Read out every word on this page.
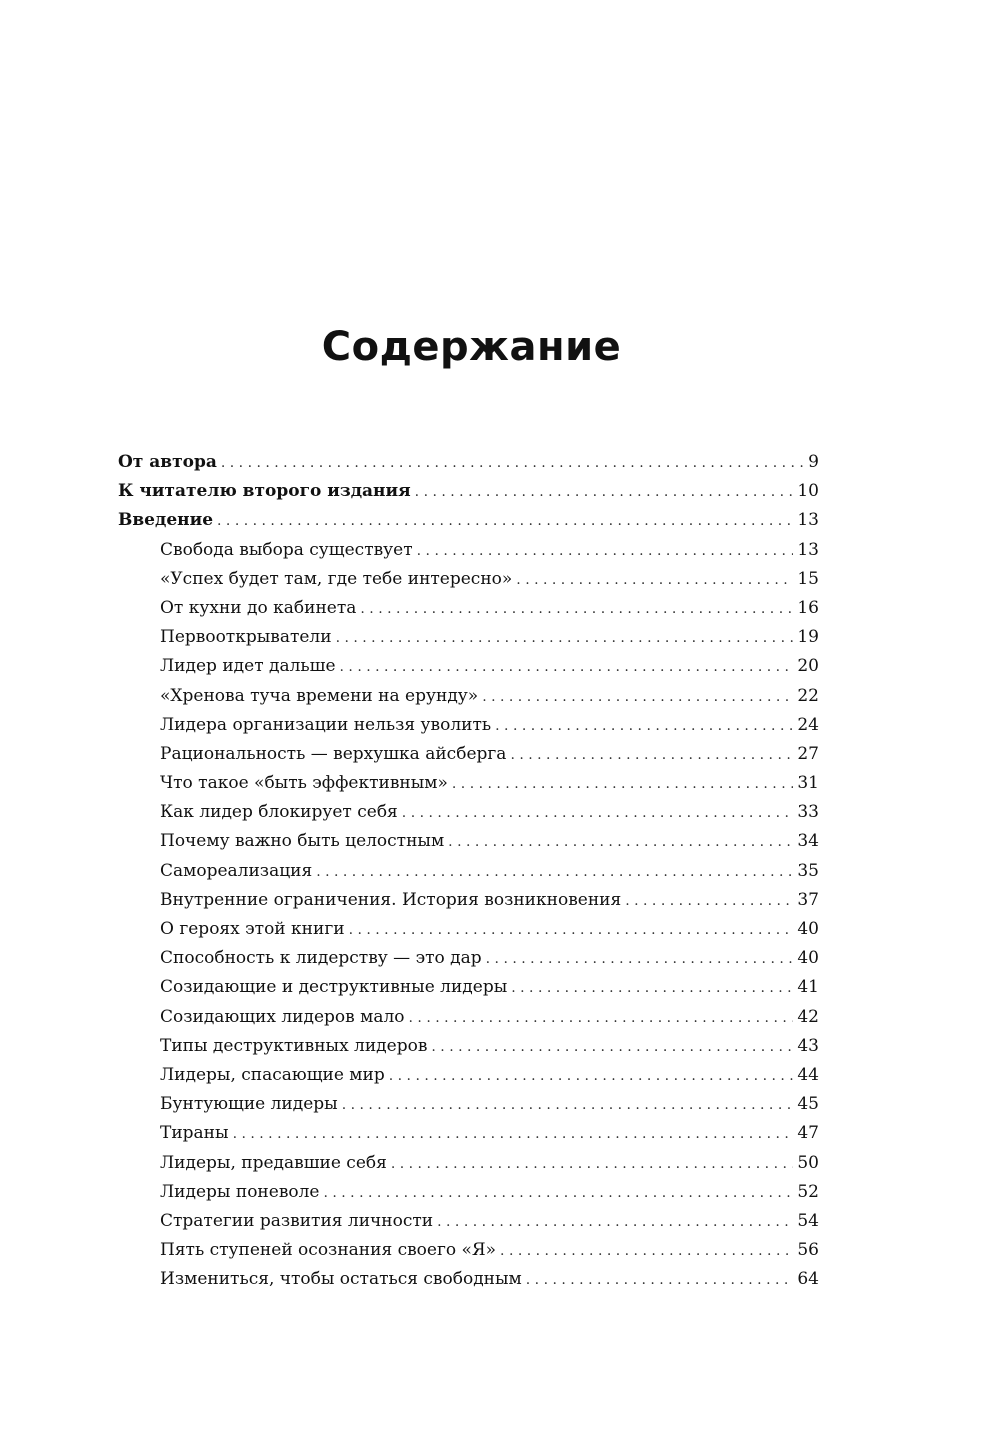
Содержание
От автора . . .	9
К читателю второго издания . . .	10
Введение . . .	13
Свобода выбора существует . . .	13
«Успех будет там, где тебе интересно» . . .	15
От кухни до кабинета . . .	16
Первооткрыватели . . .	19
Лидер идет дальше . . .	20
«Хренова туча времени на ерунду» . . .	22
Лидера организации нельзя уволить . . .	24
Рациональность — верхушка айсберга . . .	27
Что такое «быть эффективным» . . .	31
Как лидер блокирует себя . . .	33
Почему важно быть целостным . . .	34
Самореализация . . .	35
Внутренние ограничения. История возникновения . . .	37
О героях этой книги . . .	40
Способность к лидерству — это дар . . .	40
Созидающие и деструктивные лидеры . . .	41
Созидающих лидеров мало . . .	42
Типы деструктивных лидеров . . .	43
Лидеры, спасающие мир . . .	44
Бунтующие лидеры . . .	45
Тираны . . .	47
Лидеры, предавшие себя . . .	50
Лидеры поневоле . . .	52
Стратегии развития личности . . .	54
Пять ступеней осознания своего «Я» . . .	56
Измениться, чтобы остаться свободным . . .	64
